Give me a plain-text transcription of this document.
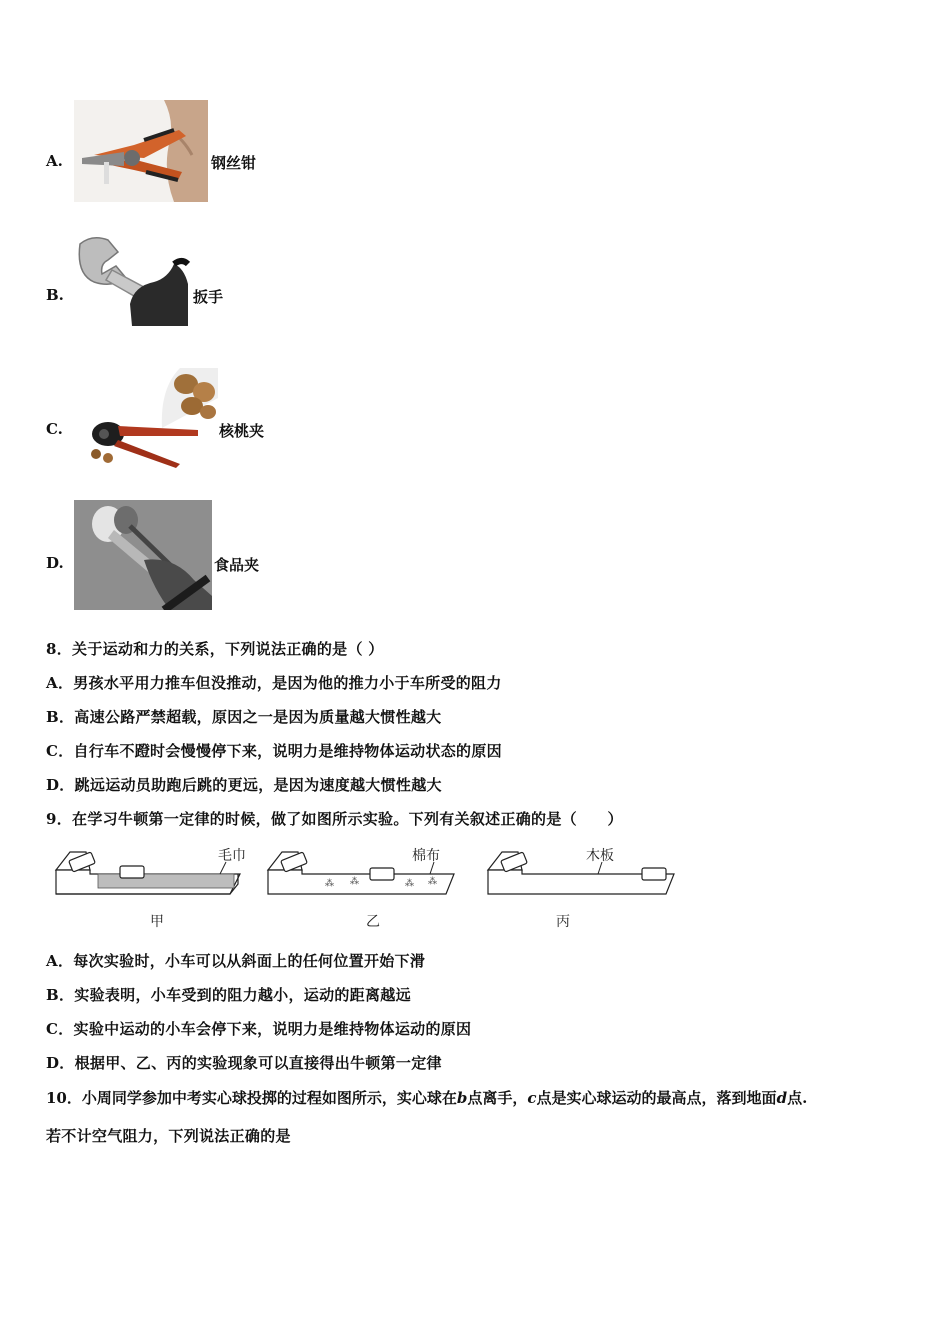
A.	钢丝钳
B.	扳手
C.	核桃夹
D.	食品夹
8．关于运动和力的关系，下列说法正确的是（ ）
A．男孩水平用力推车但没推动，是因为他的推力小于车所受的阻力
B．高速公路严禁超载，原因之一是因为质量越大惯性越大
C．自行车不蹬时会慢慢停下来，说明力是维持物体运动状态的原因
D．跳远运动员助跑后跳的更远，是因为速度越大惯性越大
9．在学习牛顿第一定律的时候，做了如图所示实验。下列有关叙述正确的是（　　）
毛巾
甲
⁂ ⁂	⁂ ⁂
棉布
乙
木板
丙
A．每次实验时，小车可以从斜面上的任何位置开始下滑
B．实验表明，小车受到的阻力越小，运动的距离越远
C．实验中运动的小车会停下来，说明力是维持物体运动的原因
D．根据甲、乙、丙的实验现象可以直接得出牛顿第一定律
10．小周同学参加中考实心球投掷的过程如图所示，实心球在b点离手，c点是实心球运动的最高点，落到地面d点.
若不计空气阻力，下列说法正确的是
